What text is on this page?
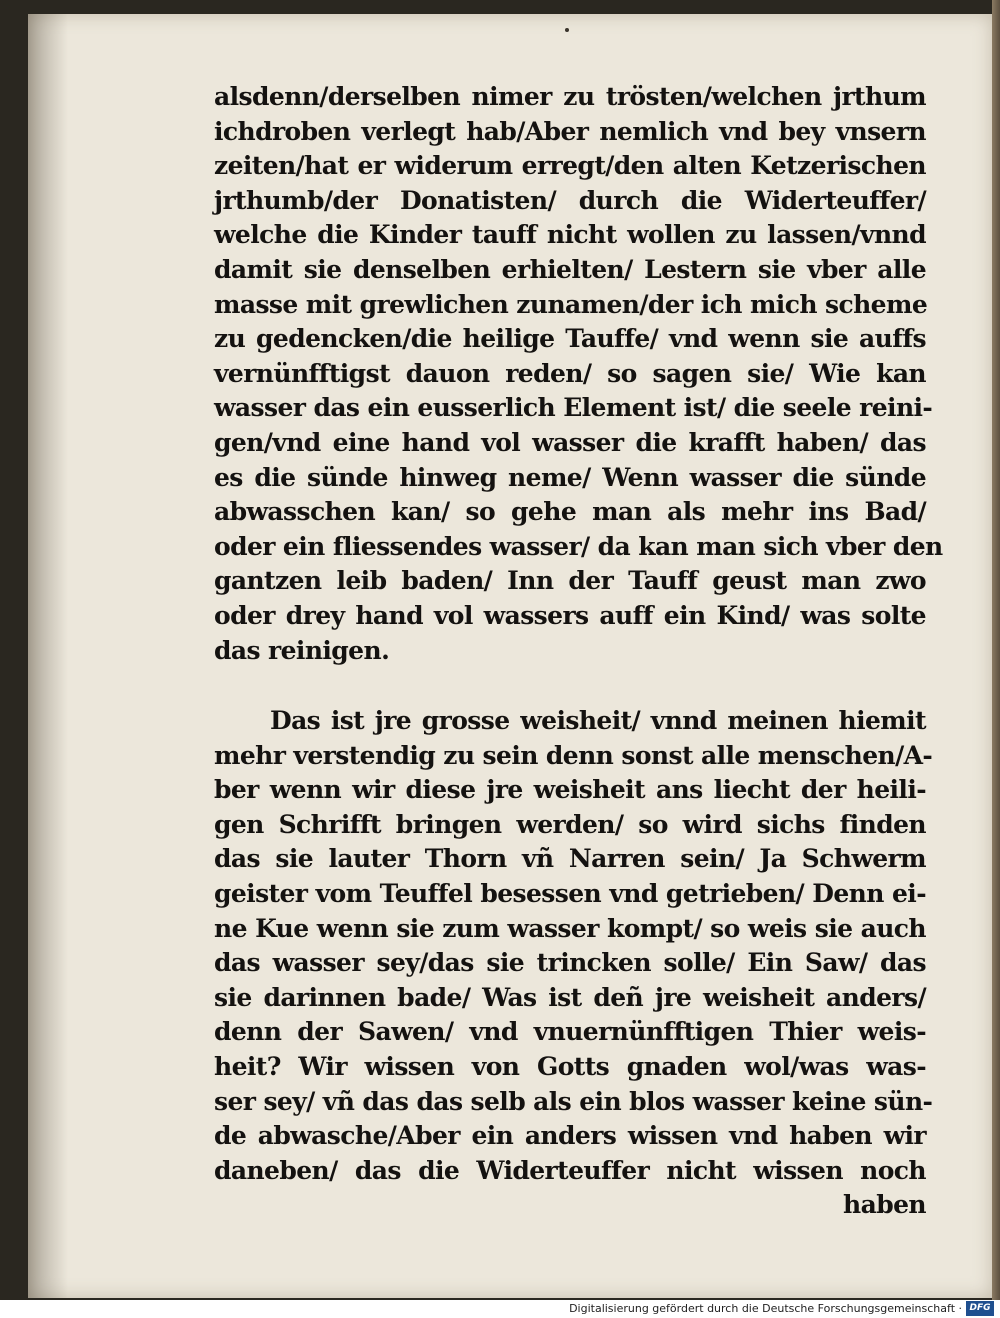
alsdenn/derselben nimer zu trösten/welchen jrthum
ichdroben verlegt hab/Aber nemlich vnd bey vnsern
zeiten/hat er widerum erregt/den alten Ketzerischen
jrthumb/der Donatisten/ durch die Widerteuffer/
welche die Kinder tauff nicht wollen zu lassen/vnnd
damit sie denselben erhielten/ Lestern sie vber alle
masse mit grewlichen zunamen/der ich mich scheme
zu gedencken/die heilige Tauffe/ vnd wenn sie auffs
vernünfftigst dauon reden/ so sagen sie/ Wie kan
wasser das ein eusserlich Element ist/ die seele reini-
gen/vnd eine hand vol wasser die krafft haben/ das
es die sünde hinweg neme/ Wenn wasser die sünde
abwasschen kan/ so gehe man als mehr ins Bad/
oder ein fliessendes wasser/ da kan man sich vber den
gantzen leib baden/ Inn der Tauff geust man zwo
oder drey hand vol wassers auff ein Kind/ was solte
das reinigen.
Das ist jre grosse weisheit/ vnnd meinen hiemit
mehr verstendig zu sein denn sonst alle menschen/A-
ber wenn wir diese jre weisheit ans liecht der heili-
gen Schrifft bringen werden/ so wird sichs finden
das sie lauter Thorn vñ Narren sein/ Ja Schwerm
geister vom Teuffel besessen vnd getrieben/ Denn ei-
ne Kue wenn sie zum wasser kompt/ so weis sie auch
das wasser sey/das sie trincken solle/ Ein Saw/ das
sie darinnen bade/ Was ist deñ jre weisheit anders/
denn der Sawen/ vnd vnuernünfftigen Thier weis-
heit? Wir wissen von Gotts gnaden wol/was was-
ser sey/ vñ das das selb als ein blos wasser keine sün-
de abwasche/Aber ein anders wissen vnd haben wir
daneben/ das die Widerteuffer nicht wissen noch
haben
Digitalisierung gefördert durch die Deutsche Forschungsgemeinschaft · DFG
